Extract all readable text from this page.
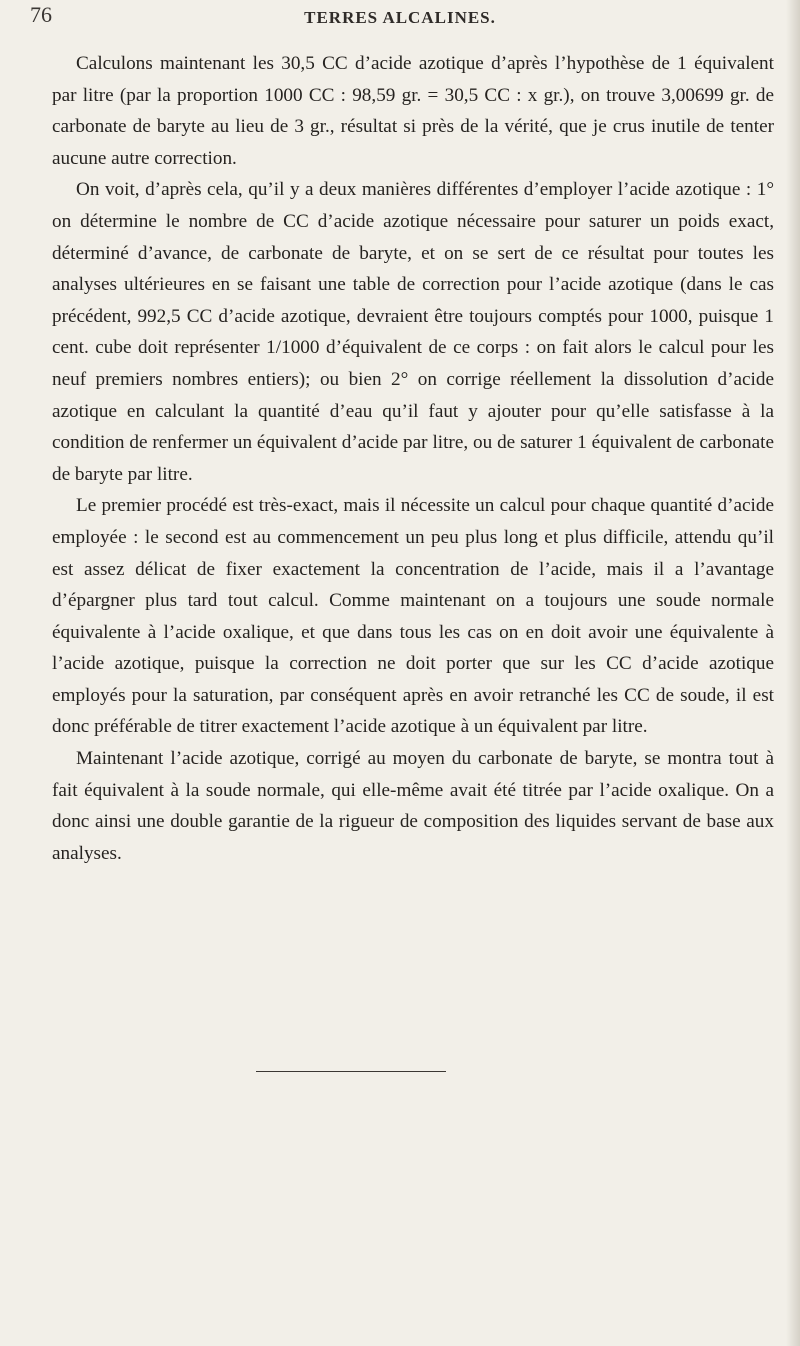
76	TERRES ALCALINES.

Calculons maintenant les 30,5 CC d’acide azotique d’après l’hypothèse de 1 équivalent par litre (par la proportion 1000 CC : 98,59 gr. = 30,5 CC : x gr.), on trouve 3,00699 gr. de carbonate de baryte au lieu de 3 gr., résultat si près de la vérité, que je crus inutile de tenter aucune autre correction.

On voit, d’après cela, qu’il y a deux manières différentes d’employer l’acide azotique : 1° on détermine le nombre de CC d’acide azotique nécessaire pour saturer un poids exact, déterminé d’avance, de carbonate de baryte, et on se sert de ce résultat pour toutes les analyses ultérieures en se faisant une table de correction pour l’acide azotique (dans le cas précédent, 992,5 CC d’acide azotique, devraient être toujours comptés pour 1000, puisque 1 cent. cube doit représenter 1/1000 d’équivalent de ce corps : on fait alors le calcul pour les neuf premiers nombres entiers); ou bien 2° on corrige réellement la dissolution d’acide azotique en calculant la quantité d’eau qu’il faut y ajouter pour qu’elle satisfasse à la condition de renfermer un équivalent d’acide par litre, ou de saturer 1 équivalent de carbonate de baryte par litre.

Le premier procédé est très-exact, mais il nécessite un calcul pour chaque quantité d’acide employée : le second est au commencement un peu plus long et plus difficile, attendu qu’il est assez délicat de fixer exactement la concentration de l’acide, mais il a l’avantage d’épargner plus tard tout calcul. Comme maintenant on a toujours une soude normale équivalente à l’acide oxalique, et que dans tous les cas on en doit avoir une équivalente à l’acide azotique, puisque la correction ne doit porter que sur les CC d’acide azotique employés pour la saturation, par conséquent après en avoir retranché les CC de soude, il est donc préférable de titrer exactement l’acide azotique à un équivalent par litre.

Maintenant l’acide azotique, corrigé au moyen du carbonate de baryte, se montra tout à fait équivalent à la soude normale, qui elle-même avait été titrée par l’acide oxalique. On a donc ainsi une double garantie de la rigueur de composition des liquides servant de base aux analyses.
